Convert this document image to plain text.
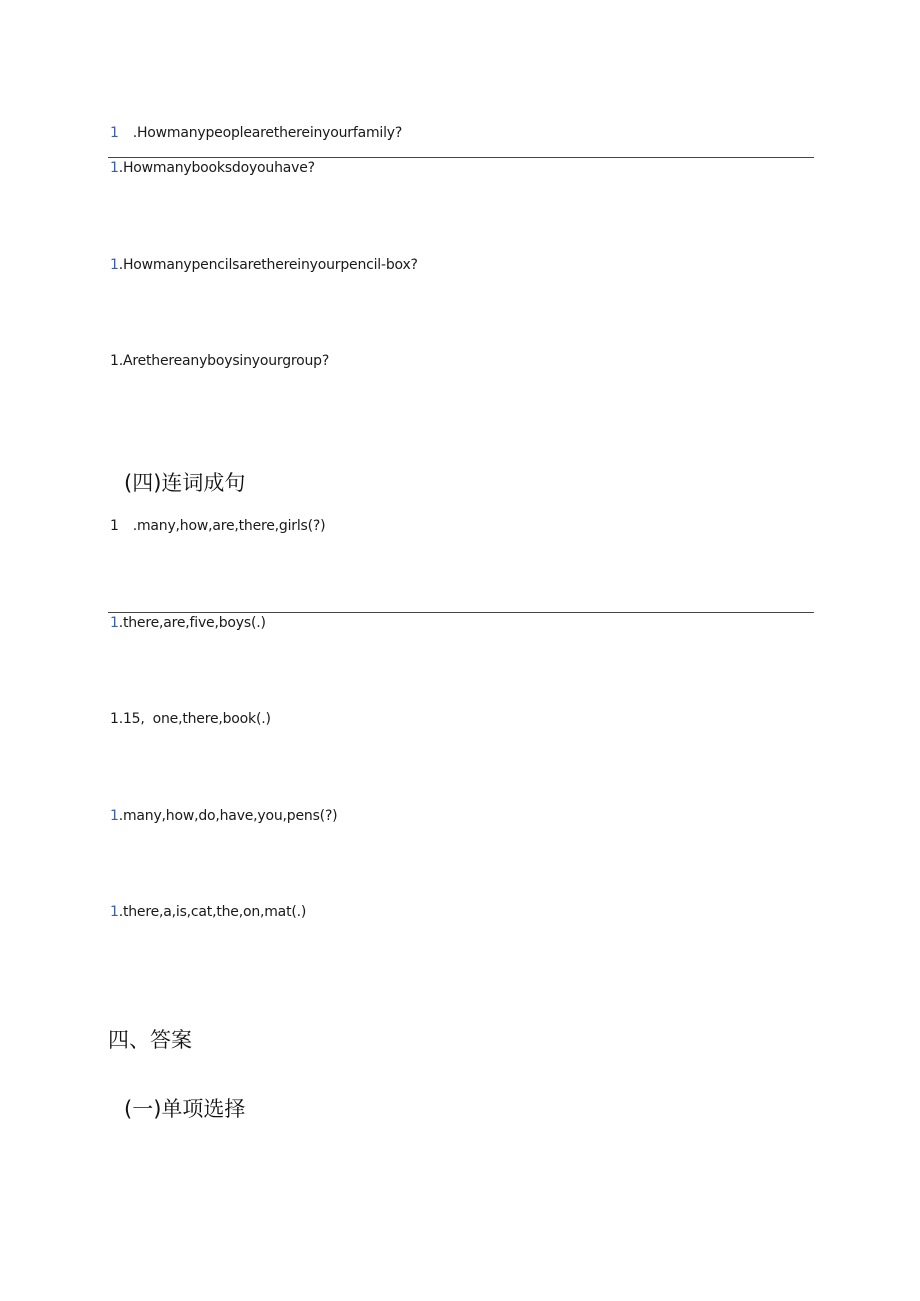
1 .Howmanypeoplearethereinyourfamily?
1.Howmanybooksdoyouhave?
1.Howmanypencilsarethereinyourpencil-box?
1.Arethereanyboysinyourgroup?
(四)连词成句
1 .many,how,are,there,girls(?)
1.there,are,five,boys(.)
1.15, one,there,book(.)
1.many,how,do,have,you,pens(?)
1.there,a,is,cat,the,on,mat(.)
四、答案
(一)单项选择
